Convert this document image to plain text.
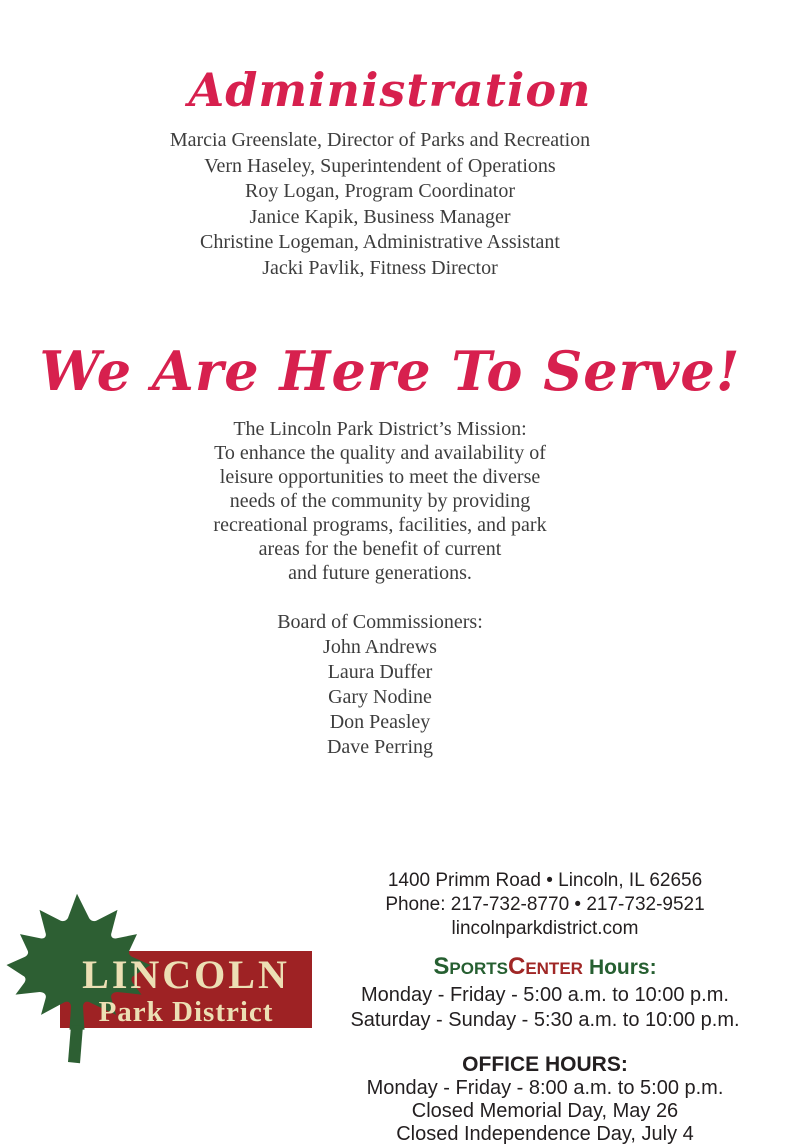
Administration
Marcia Greenslate, Director of Parks and Recreation
Vern Haseley, Superintendent of Operations
Roy Logan, Program Coordinator
Janice Kapik, Business Manager
Christine Logeman, Administrative Assistant
Jacki Pavlik, Fitness Director
We Are Here To Serve!
The Lincoln Park District’s Mission:
To enhance the quality and availability of
leisure opportunities to meet the diverse
needs of the community by providing
recreational programs, facilities, and park
areas for the benefit of current
and future generations.
Board of Commissioners:
John Andrews
Laura Duffer
Gary Nodine
Don Peasley
Dave Perring
LINCOLN
Park District
1400 Primm Road • Lincoln, IL 62656
Phone: 217-732-8770 • 217-732-9521
lincolnparkdistrict.com
SPORTSCENTER Hours:
Monday - Friday - 5:00 a.m. to 10:00 p.m.
Saturday - Sunday - 5:30 a.m. to 10:00 p.m.
OFFICE HOURS:
Monday - Friday - 8:00 a.m. to 5:00 p.m.
Closed Memorial Day, May 26
Closed Independence Day, July 4
